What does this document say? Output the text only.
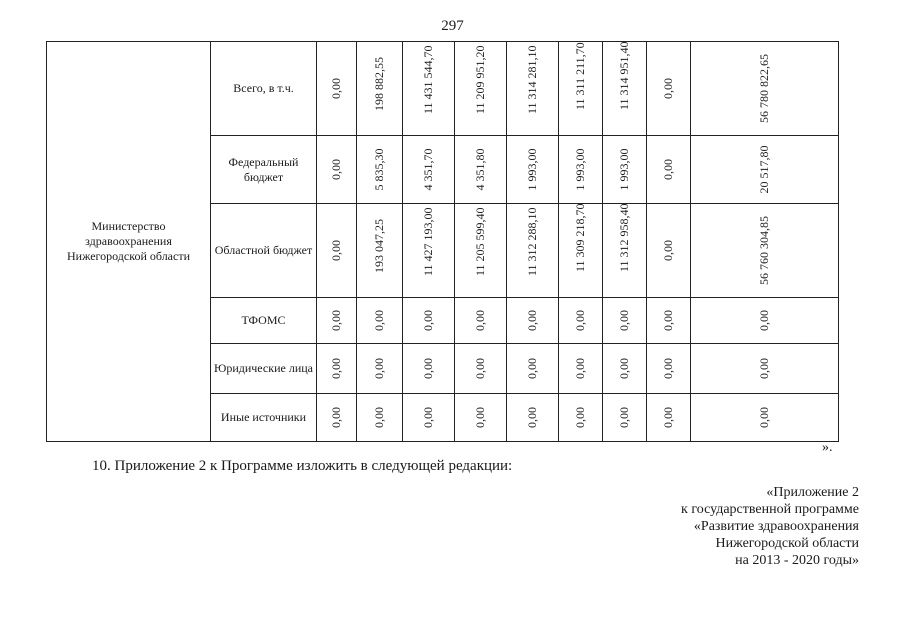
297
Министерство здравоохранения Нижегородской области	Всего, в т.ч.	0,00	198 882,55	11 431 544,70	11 209 951,20	11 314 281,10	11 311 211,70	11 314 951,40	0,00	56 780 822,65

	Федеральный бюджет	0,00	5 835,30	4 351,70	4 351,80	1 993,00	1 993,00	1 993,00	0,00	20 517,80

	Областной бюджет	0,00	193 047,25	11 427 193,00	11 205 599,40	11 312 288,10	11 309 218,70	11 312 958,40	0,00	56 760 304,85

	ТФОМС	0,00	0,00	0,00	0,00	0,00	0,00	0,00	0,00	0,00

	Юридические лица	0,00	0,00	0,00	0,00	0,00	0,00	0,00	0,00	0,00

	Иные источники	0,00	0,00	0,00	0,00	0,00	0,00	0,00	0,00	0,00
».
10. Приложение 2 к Программе изложить в следующей редакции:
«Приложение 2
к государственной программе
«Развитие здравоохранения
Нижегородской области
на 2013 - 2020 годы»
